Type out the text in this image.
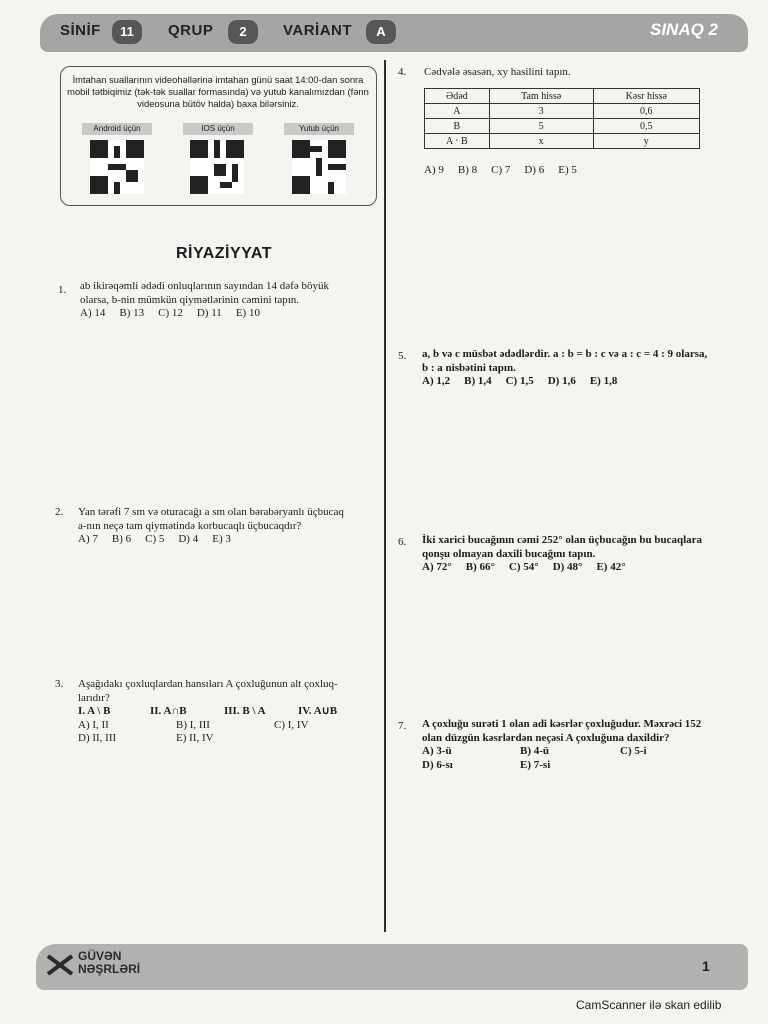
SİNİF	11	QRUP	2	VARİANT	A	SINAQ 2
İmtahan suallarının videohəllərinə imtahan günü saat 14:00-dan sonra mobil tətbiqimiz (tək-tək suallar formasında) və yutub kanalımızdan (fənn videosuna bütöv halda) baxa bilərsiniz.
Android üçün	IOS üçün	Yutub üçün
RİYAZİYYAT
1. ab ikirəqəmli ədədi onluqlarının sayından 14 dəfə böyük
olarsa, b-nin mümkün qiymətlərinin cəmini tapın.
A) 14 B) 13 C) 12 D) 11 E) 10
2. Yan tərəfi 7 sm və oturacağı a sm olan bərabəryanlı üçbucaq
a-nın neçə tam qiymətində korbucaqlı üçbucaqdır?
A) 7 B) 6 C) 5 D) 4 E) 3
3. Aşağıdakı çoxluqlardan hansıları A çoxluğunun alt çoxluq-
larıdır?
I. A \ B	II. A∩B	III. B \ A	IV. A∪B
A) I, II	B) I, III	C) I, IV
D) II, III	E) II, IV
4. Cədvələ əsasən, xy hasilini tapın.
Ədəd	Tam hissə	Kəsr hissə
A	3	0,6
B	5	0,5
A · B	x	y
A) 9 B) 8 C) 7 D) 6 E) 5
5. a, b və c müsbət ədədlərdir. a : b = b : c və a : c = 4 : 9 olarsa,
b : a nisbətini tapın.
A) 1,2 B) 1,4 C) 1,5 D) 1,6 E) 1,8
6. İki xarici bucağının cəmi 252° olan üçbucağın bu bucaqlara
qonşu olmayan daxili bucağını tapın.
A) 72° B) 66° C) 54° D) 48° E) 42°
7. A çoxluğu surəti 1 olan adi kəsrlər çoxluğudur. Məxrəci 152
olan düzgün kəsrlərdən neçəsi A çoxluğuna daxildir?
A) 3-ü	B) 4-ü	C) 5-i
D) 6-sı	E) 7-si
GÜVƏN
NƏŞRLƏRİ	1
CamScanner ilə skan edilib
